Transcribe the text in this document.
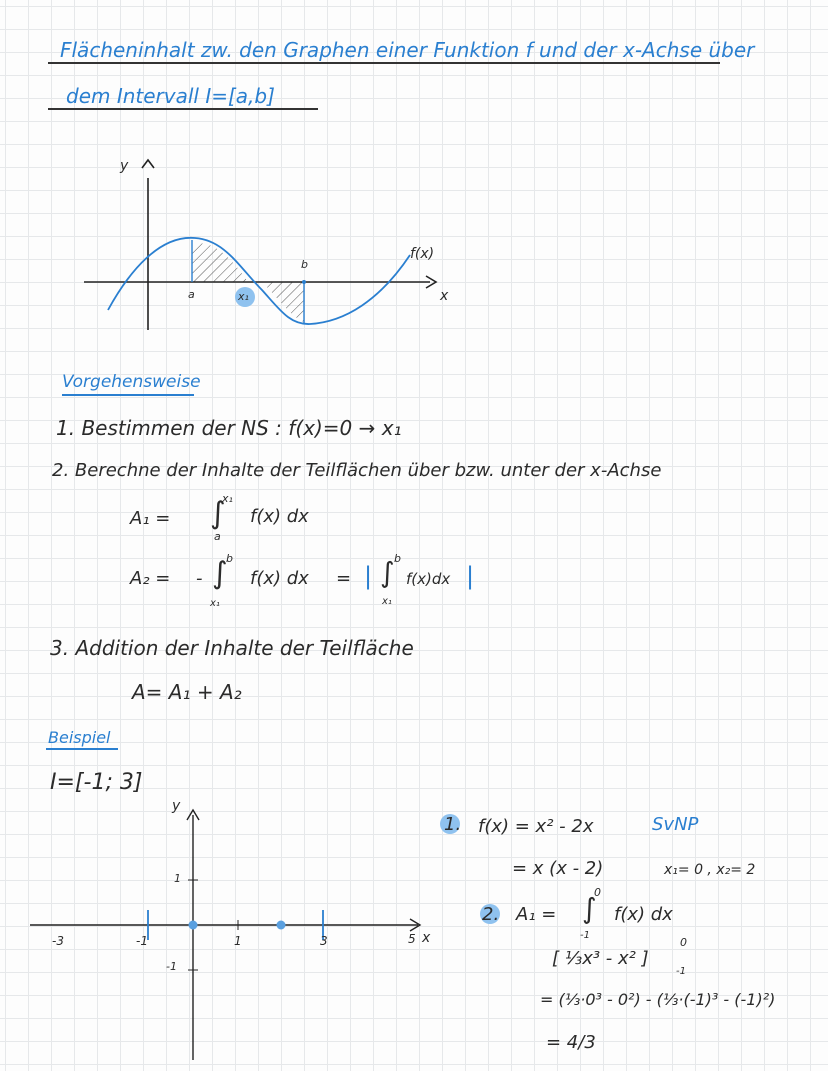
Flächeninhalt zw. den Graphen einer Funktion f und der x-Achse über
dem Intervall I=[a,b]
y
x
f(x)
a
b
x₁
Vorgehensweise
1. Bestimmen der NS : f(x)=0 → x₁
2. Berechne der Inhalte der Teilflächen über bzw. unter der x-Achse
A₁ = ∫
x₁
a
f(x) dx
A₂ = - ∫
b
x₁
f(x) dx = | ∫ b
x₁
f(x)dx |
3. Addition der Inhalte der Teilfläche
A= A₁ + A₂
Beispiel
I=[-1; 3]
y
x
-3	-1	1	3	5
1
-1
1. f(x) = x² - 2x	SvNP
= x (x - 2)	x₁= 0 , x₂= 2
2. A₁ = ∫
0
-1
f(x) dx
[ ⅓x³ - x² ]
0
-1
= (⅓·0³ - 0²) - (⅓·(-1)³ - (-1)²)
= 4/3
